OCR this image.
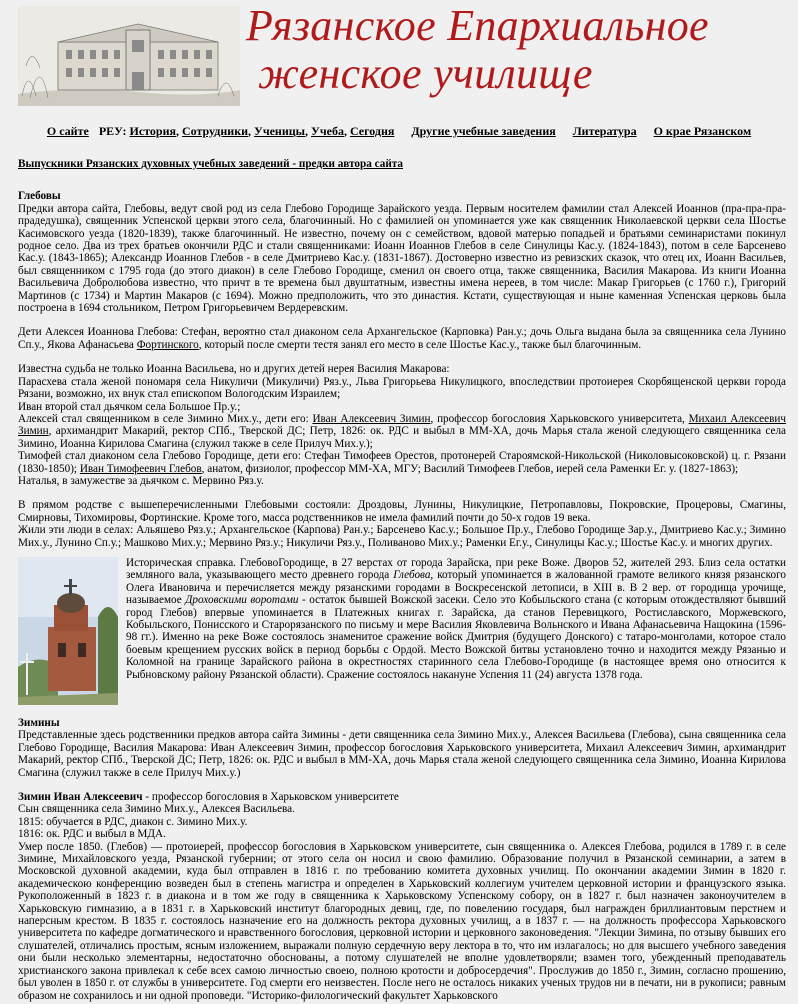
Рязанское Епархиальное
женское училище
О сайте РЕУ: История, Сотрудники, Ученицы, Учеба, Сегодня Другие учебные заведения Литература О крае Рязанском

Выпускники Рязанских духовных учебных заведений - предки автора сайта

Глебовы

Предки автора сайта, Глебовы, ведут свой род из села Глебово Городище Зарайского уезда. Первым носителем фамилии стал Алексей Иоаннов (пра-пра-пра-прадедушка), священник Успенской церкви этого села, благочинный. Но с фамилией он упоминается уже как священник Николаевской церкви села Шостье Касимовского уезда (1820-1839), также благочинный. Не известно, почему он с семейством, вдовой матерью попадьей и братьями семинаристами покинул родное село. Два из трех братьев окончили РДС и стали священниками: Иоанн Иоаннов Глебов в селе Синулицы Кас.у. (1824-1843), потом в селе Барсенево Кас.у. (1843-1865); Александр Иоаннов Глебов - в селе Дмитриево Кас.у. (1831-1867). Достоверно известно из ревизских сказок, что отец их, Иоанн Васильев, был священником с 1795 года (до этого диакон) в селе Глебово Городище, сменил он своего отца, также священника, Василия Макарова. Из книги Иоанна Васильевича Добролюбова известно, что причт в те времена был двуштатным, известны имена нереев, в том числе: Макар Григорьев (с 1760 г.), Григорий Мартинов (с 1734) и Мартин Макаров (с 1694). Можно предположить, что это династия. Кстати, существующая и ныне каменная Успенская церковь была построена в 1694 стольником, Петром Григорьевичем Вердеревским.

Дети Алексея Иоаннова Глебова: Стефан, вероятно стал диаконом села Архангельское (Карповка) Ран.у.; дочь Ольга выдана была за священника села Лунино Сп.у., Якова Афанасьева Фортинского, который после смерти тестя занял его место в селе Шостье Кас.у., также был благочинным.

Известна судьба не только Иоанна Васильева, но и других детей нерея Василия Макарова:

Парасхева стала женой пономаря села Никуличи (Микуличи) Ряз.у., Льва Григорьева Никулицкого, впоследствии протоиерея Скорбященской церкви города Рязани, возможно, их внук стал епископом Вологодским Израилем;

Иван второй стал дьячком села Большое Пр.у.;

Алексей стал священником в селе Зимино Мих.у., дети его: Иван Алексеевич Зимин, профессор богословия Харьковского университета, Михаил Алексеевич Зимин, архимандрит Макарий, ректор СПб., Тверской ДС; Петр, 1826: ок. РДС и выбыл в ММ-ХА, дочь Марья стала женой следующего священника села Зимино, Иоанна Кирилова Смагина (служил также в селе Прилуч Мих.у.);

Тимофей стал диаконом села Глебово Городище, дети его: Стефан Тимофеев Орестов, протонерей Староямской-Никольской (Николовысоковской) ц. г. Рязани (1830-1850); Иван Тимофеевич Глебов, анатом, физиолог, профессор ММ-ХА, МГУ; Василий Тимофеев Глебов, иерей села Раменки Ег. у. (1827-1863);

Наталья, в замужестве за дьячком с. Мервино Ряз.у.

В прямом родстве с вышеперечисленными Глебовыми состояли: Дроздовы, Лунины, Никулицкие, Петропавловы, Покровские, Процеровы, Смагины, Смирновы, Тихомировы, Фортинские. Кроме того, масса родственников не имела фамилий почти до 50-х годов 19 века.

Жили эти люди в селах: Альяшево Ряз.у.; Архангельское (Карпова) Ран.у.; Барсенево Кас.у.; Большое Пр.у., Глебово Городище Зар.у., Дмитриево Кас.у.; Зимино Мих.у., Лунино Сп.у.; Машково Мих.у.; Мервино Ряз.у.; Никуличи Ряз.у., Поливаново Мих.у.; Раменки Ег.у., Синулицы Кас.у.; Шостье Кас.у. и многих других.

Историческая справка. ГлебовоГородище, в 27 верстах от города Зарайска, при реке Воже. Дворов 52, жителей 293. Близ села остатки земляного вала, указывающего место древнего города Глебова, который упоминается в жалованной грамоте великого князя рязанского Олега Ивановича и перечисляется между рязанскими городами в Воскресенской летописи, в XIII в. В 2 вер. от городища урочище, называемое Дроховскими воротами - остаток бывшей Вожской засеки. Село это Кобыльского стана (с которым отождествляют бывший город Глебов) впервые упоминается в Платежных книгах г. Зарайска, да станов Перевицкого, Ростиславского, Моржевского, Кобыльского, Понисского и Старорязанского по письму и мере Василия Яковлевича Вольнского и Ивана Афанасьевича Нащокина (1596-98 гг.). Именно на реке Воже состоялось знаменитое сражение войск Дмитрия (будущего Донского) с татаро-монголами, которое стало боевым крещением русских войск в период борьбы с Ордой. Место Вожской битвы установлено точно и находится между Рязанью и Коломной на границе Зарайского района в окрестностях старинного села Глебово-Городище (в настоящее время оно относится к Рыбновскому району Рязанской области). Сражение состоялось накануне Успения 11 (24) августа 1378 года.

Зимины

Представленные здесь родственники предков автора сайта Зимины - дети священника села Зимино Мих.у., Алексея Васильева (Глебова), сына священника села Глебово Городище, Василия Макарова: Иван Алексеевич Зимин, профессор богословия Харьковского университета, Михаил Алексеевич Зимин, архимандрит Макарий, ректор СПб., Тверской ДС; Петр, 1826: ок. РДС и выбыл в ММ-ХА, дочь Марья стала женой следующего священника села Зимино, Иоанна Кирилова Смагина (служил также в селе Прилуч Мих.у.)

Зимин Иван Алексеевич - профессор богословия в Харьковском университете

Сын священника села Зимино Мих.у., Алексея Васильева.

1815: обучается в РДС, диакон с. Зимино Мих.у.

1816: ок. РДС и выбыл в МДА.

Умер после 1850. (Глебов) — протоиерей, профессор богословия в Харьковском университете, сын священника о. Алексея Глебова, родился в 1789 г. в селе Зимине, Михайловского уезда, Рязанской губернии; от этого села он носил и свою фамилию. Образование получил в Рязанской семинарии, а затем в Московской духовной академии, куда был отправлен в 1816 г. по требованию комитета духовных училищ. По окончании академии Зимин в 1820 г. академическою конференцию возведен был в степень магистра и определен в Харьковский коллегиум учителем церковной истории и французского языка. Рукоположенный в 1823 г. в диакона и в том же году в священника к Харьковскому Успенскому собору, он в 1827 г. был назначен законоучителем в Харьковскую гимназию, а в 1831 г. в Харьковский институт благородных девиц, где, по повелению государя, был награжден бриллиантовым перстнем и наперсным крестом. В 1835 г. состоялось назначение его на должность ректора духовных училищ, а в 1837 г. — на должность профессора Харьковского университета по кафедре догматического и нравственного богословия, церковной истории и церковного законоведения. "Лекции Зимина, по отзыву бывших его слушателей, отличались простым, ясным изложением, выражали полную сердечную веру лектора в то, что им излагалось; но для высшего учебного заведения они были несколько элементарны, недостаточно обоснованы, а потому слушателей не вполне удовлетворяли; взамен того, убежденный преподаватель христианского закона привлекал к себе всех самою личностью своею, полною кротости и добросердечия". Прослужив до 1850 г., Зимин, согласно прошению, был уволен в 1850 г. от службы в университете. Год смерти его неизвестен. После него не осталось никаких ученых трудов ни в печати, ни в рукописи; равным образом не сохранилось и ни одной проповеди. "Историко-филологический факультет Харьковского
